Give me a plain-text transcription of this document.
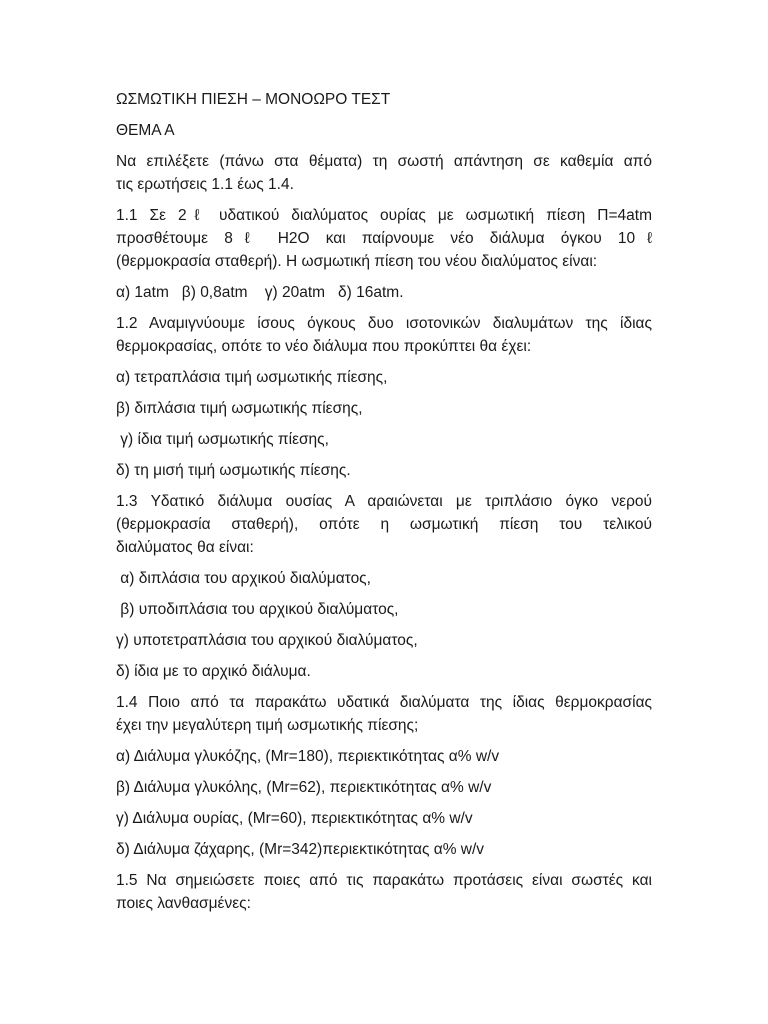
ΩΣΜΩΤΙΚΗ ΠΙΕΣΗ – ΜΟΝΟΩΡΟ ΤΕΣΤ

ΘΕΜΑ Α

Να επιλέξετε (πάνω στα θέματα) τη σωστή απάντηση σε καθεμία από
τις ερωτήσεις 1.1 έως 1.4.

1.1 Σε 2ℓ υδατικού διαλύματος ουρίας με ωσμωτική πίεση Π=4atm
προσθέτουμε 8ℓ H2O και παίρνουμε νέο διάλυμα όγκου 10ℓ
(θερμοκρασία σταθερή). Η ωσμωτική πίεση του νέου διαλύματος είναι:

α) 1atm   β) 0,8atm    γ) 20atm   δ) 16atm.

1.2 Αναμιγνύουμε ίσους όγκους δυο ισοτονικών διαλυμάτων της ίδιας
θερμοκρασίας, οπότε το νέο διάλυμα που προκύπτει θα έχει:

α) τετραπλάσια τιμή ωσμωτικής πίεσης,

β) διπλάσια τιμή ωσμωτικής πίεσης,

γ) ίδια τιμή ωσμωτικής πίεσης,

δ) τη μισή τιμή ωσμωτικής πίεσης.

1.3 Υδατικό διάλυμα ουσίας Α αραιώνεται με τριπλάσιο όγκο νερού
(θερμοκρασία σταθερή), οπότε η ωσμωτική πίεση του τελικού
διαλύματος θα είναι:

α) διπλάσια του αρχικού διαλύματος,

β) υποδιπλάσια του αρχικού διαλύματος,

γ) υποτετραπλάσια του αρχικού διαλύματος,

δ) ίδια με το αρχικό διάλυμα.

1.4 Ποιο από τα παρακάτω υδατικά διαλύματα της ίδιας θερμοκρασίας
έχει την μεγαλύτερη τιμή ωσμωτικής πίεσης;

α) Διάλυμα γλυκόζης, (Mr=180), περιεκτικότητας α% w/v

β) Διάλυμα γλυκόλης, (Mr=62), περιεκτικότητας α% w/v

γ) Διάλυμα ουρίας, (Mr=60), περιεκτικότητας α% w/v

δ) Διάλυμα ζάχαρης, (Mr=342)περιεκτικότητας α% w/v

1.5 Να σημειώσετε ποιες από τις παρακάτω προτάσεις είναι σωστές και
ποιες λανθασμένες:
